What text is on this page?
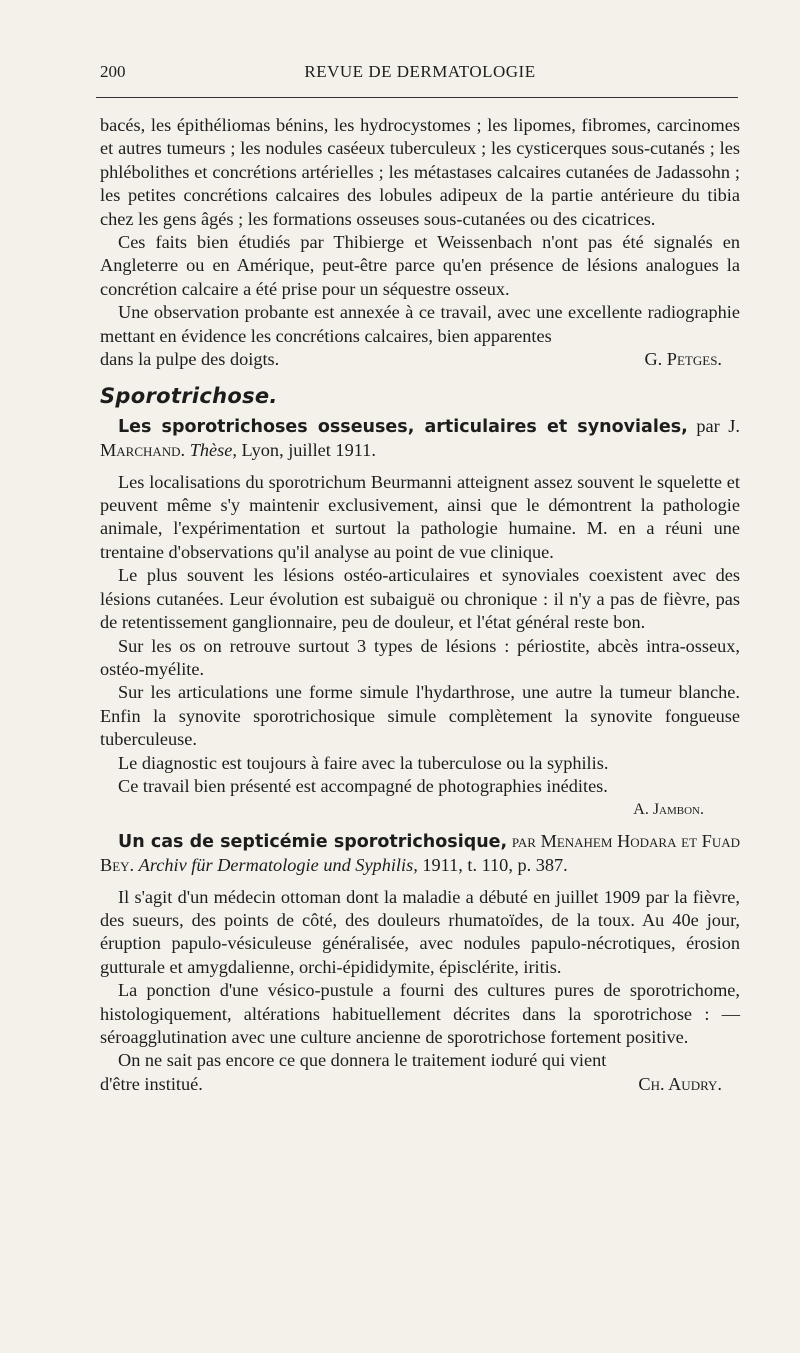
200	REVUE DE DERMATOLOGIE

bacés, les épithéliomas bénins, les hydrocystomes ; les lipomes, fibromes, carcinomes et autres tumeurs ; les nodules caséeux tuberculeux ; les cysticerques sous-cutanés ; les phlébolithes et concrétions artérielles ; les métastases calcaires cutanées de Jadassohn ; les petites concrétions calcaires des lobules adipeux de la partie antérieure du tibia chez les gens âgés ; les formations osseuses sous-cutanées ou des cicatrices.

Ces faits bien étudiés par Thibierge et Weissenbach n'ont pas été signalés en Angleterre ou en Amérique, peut-être parce qu'en présence de lésions analogues la concrétion calcaire a été prise pour un séquestre osseux.

Une observation probante est annexée à ce travail, avec une excellente radiographie mettant en évidence les concrétions calcaires, bien apparentes

dans la pulpe des doigts.	G. Petges.
Sporotrichose.

Les sporotrichoses osseuses, articulaires et synoviales, par J. Marchand. Thèse, Lyon, juillet 1911.

Les localisations du sporotrichum Beurmanni atteignent assez souvent le squelette et peuvent même s'y maintenir exclusivement, ainsi que le démontrent la pathologie animale, l'expérimentation et surtout la pathologie humaine. M. en a réuni une trentaine d'observations qu'il analyse au point de vue clinique.

Le plus souvent les lésions ostéo-articulaires et synoviales coexistent avec des lésions cutanées. Leur évolution est subaiguë ou chronique : il n'y a pas de fièvre, pas de retentissement ganglionnaire, peu de douleur, et l'état général reste bon.

Sur les os on retrouve surtout 3 types de lésions : périostite, abcès intra-osseux, ostéo-myélite.

Sur les articulations une forme simule l'hydarthrose, une autre la tumeur blanche. Enfin la synovite sporotrichosique simule complètement la synovite fongueuse tuberculeuse.

Le diagnostic est toujours à faire avec la tuberculose ou la syphilis.

Ce travail bien présenté est accompagné de photographies inédites.

A. Jambon.

Un cas de septicémie sporotrichosique, par Menahem Hodara et Fuad Bey. Archiv für Dermatologie und Syphilis, 1911, t. 110, p. 387.

Il s'agit d'un médecin ottoman dont la maladie a débuté en juillet 1909 par la fièvre, des sueurs, des points de côté, des douleurs rhumatoïdes, de la toux. Au 40e jour, éruption papulo-vésiculeuse généralisée, avec nodules papulo-nécrotiques, érosion gutturale et amygdalienne, orchi-épididymite, épisclérite, iritis.

La ponction d'une vésico-pustule a fourni des cultures pures de sporotrichome, histologiquement, altérations habituellement décrites dans la sporotrichose : — séroagglutination avec une culture ancienne de sporotrichose fortement positive.

On ne sait pas encore ce que donnera le traitement ioduré qui vient

d'être institué.	Ch. Audry.
